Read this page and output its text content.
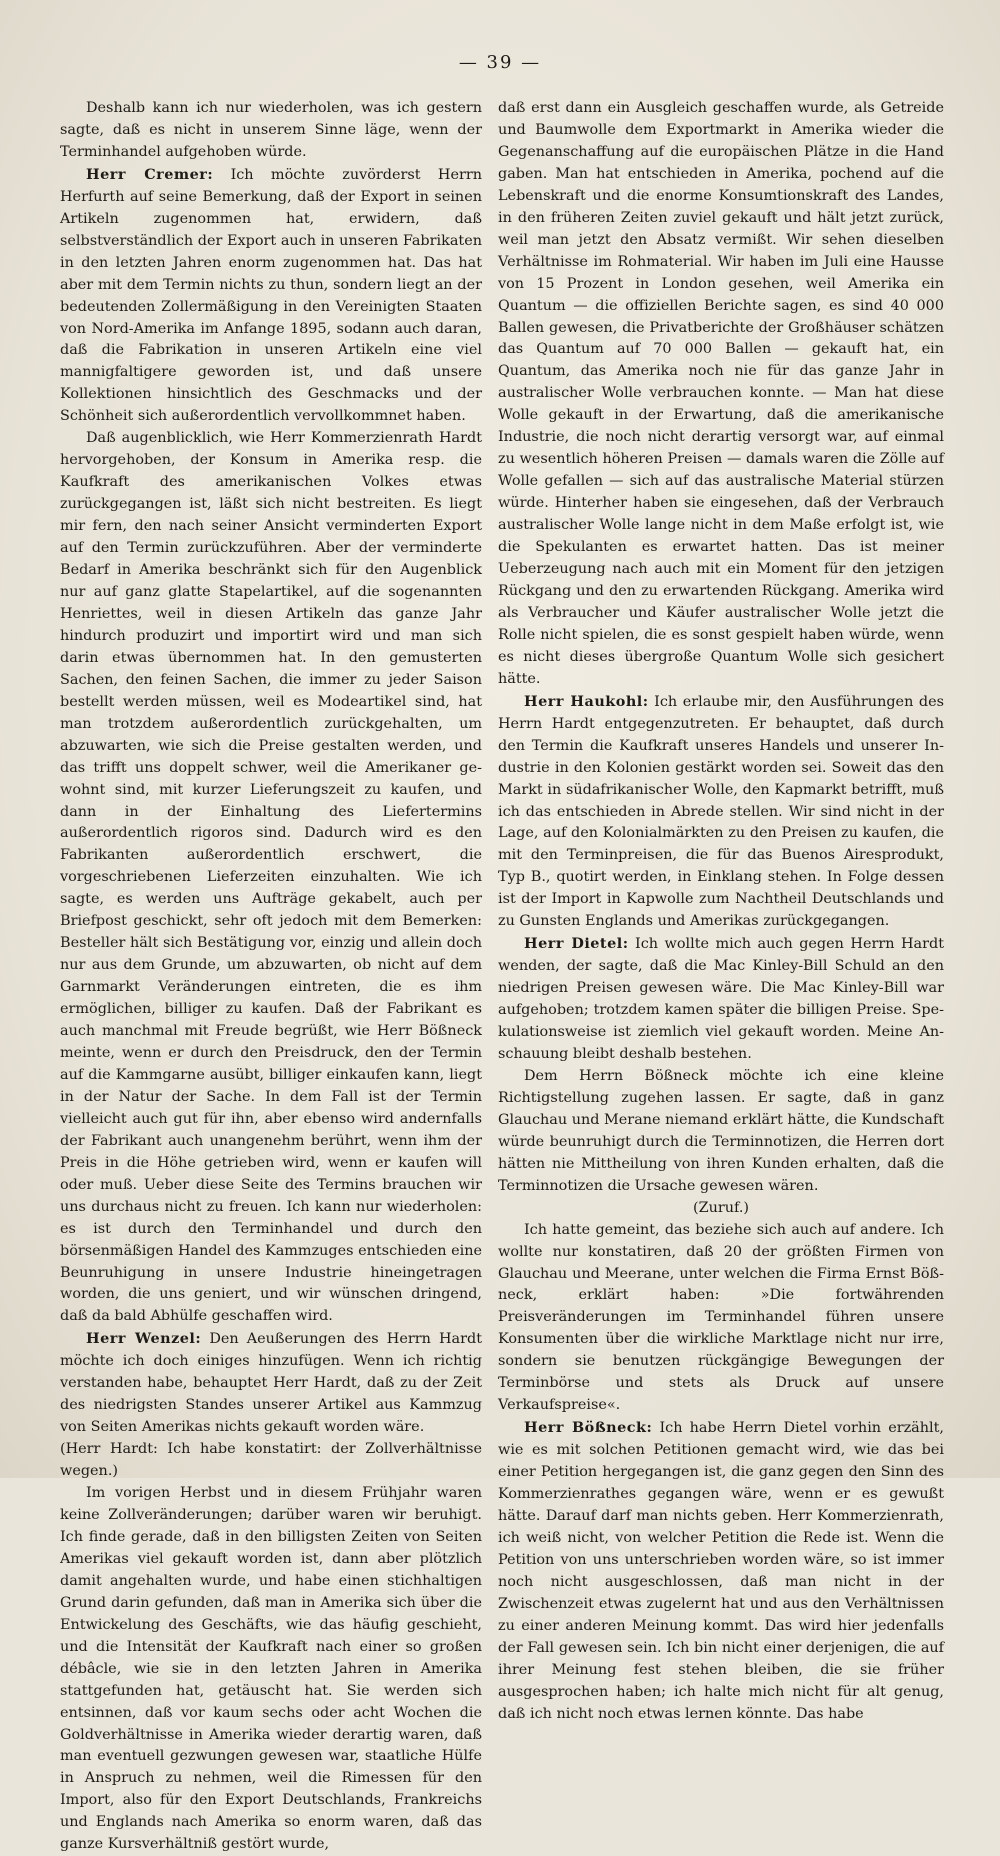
— 39 —

Deshalb kann ich nur wiederholen, was ich gestern sagte, daß es nicht in unserem Sinne läge, wenn der Terminhandel aufgehoben würde.

Herr Cremer: Ich möchte zuvörderst Herrn Herfurth auf seine Bemerkung, daß der Export in seinen Artikeln zugenommen hat, erwidern, daß selbstverständlich der Export auch in unseren Fabrikaten in den letzten Jahren enorm zugenommen hat. Das hat aber mit dem Termin nichts zu thun, sondern liegt an der bedeutenden Zollermäßigung in den Vereinigten Staaten von Nord-Amerika im Anfange 1895, sodann auch daran, daß die Fabrikation in unseren Artikeln eine viel mannigfaltigere geworden ist, und daß unsere Kollektionen hinsichtlich des Geschmacks und der Schönheit sich außerordentlich vervollkommnet haben.

Daß augenblicklich, wie Herr Kommerzienrath Hardt hervorgehoben, der Konsum in Amerika resp. die Kaufkraft des amerikanischen Volkes etwas zurückgegangen ist, läßt sich nicht bestreiten. Es liegt mir fern, den nach seiner Ansicht verminderten Export auf den Termin zurückzuführen. Aber der verminderte Bedarf in Amerika beschränkt sich für den Augenblick nur auf ganz glatte Stapelartikel, auf die sogenannten Henriettes, weil in diesen Artikeln das ganze Jahr hindurch produzirt und importirt wird und man sich darin etwas übernommen hat. In den gemusterten Sachen, den feinen Sachen, die immer zu jeder Saison bestellt werden müssen, weil es Modeartikel sind, hat man trotzdem außerordentlich zurückgehalten, um abzuwarten, wie sich die Preise gestalten werden, und das trifft uns doppelt schwer, weil die Amerikaner gewohnt sind, mit kurzer Lieferungszeit zu kaufen, und dann in der Einhaltung des Liefertermins außerordentlich rigoros sind. Dadurch wird es den Fabrikanten außerordentlich erschwert, die vorgeschriebenen Lieferzeiten einzuhalten. Wie ich sagte, es werden uns Aufträge gekabelt, auch per Briefpost geschickt, sehr oft jedoch mit dem Bemerken: Besteller hält sich Bestätigung vor, einzig und allein doch nur aus dem Grunde, um abzuwarten, ob nicht auf dem Garnmarkt Veränderungen eintreten, die es ihm ermöglichen, billiger zu kaufen. Daß der Fabrikant es auch manchmal mit Freude begrüßt, wie Herr Bößneck meinte, wenn er durch den Preisdruck, den der Termin auf die Kammgarne ausübt, billiger einkaufen kann, liegt in der Natur der Sache. In dem Fall ist der Termin vielleicht auch gut für ihn, aber ebenso wird andernfalls der Fabrikant auch unangenehm berührt, wenn ihm der Preis in die Höhe getrieben wird, wenn er kaufen will oder muß. Ueber diese Seite des Termins brauchen wir uns durchaus nicht zu freuen. Ich kann nur wiederholen: es ist durch den Terminhandel und durch den börsenmäßigen Handel des Kammzuges entschieden eine Beunruhigung in unsere Industrie hineingetragen worden, die uns geniert, und wir wünschen dringend, daß da bald Abhülfe geschaffen wird.

Herr Wenzel: Den Aeußerungen des Herrn Hardt möchte ich doch einiges hinzufügen. Wenn ich richtig verstanden habe, behauptet Herr Hardt, daß zu der Zeit des niedrigsten Standes unserer Artikel aus Kammzug von Seiten Amerikas nichts gekauft worden wäre.

(Herr Hardt: Ich habe konstatirt: der Zollverhältnisse wegen.)

Im vorigen Herbst und in diesem Frühjahr waren keine Zollveränderungen; darüber waren wir beruhigt. Ich finde gerade, daß in den billigsten Zeiten von Seiten Amerikas viel gekauft worden ist, dann aber plötzlich damit angehalten wurde, und habe einen stichhaltigen Grund darin gefunden, daß man in Amerika sich über die Entwickelung des Geschäfts, wie das häufig geschieht, und die Intensität der Kaufkraft nach einer so großen débâcle, wie sie in den letzten Jahren in Amerika stattgefunden hat, getäuscht hat. Sie werden sich entsinnen, daß vor kaum sechs oder acht Wochen die Goldverhältnisse in Amerika wieder derartig waren, daß man eventuell gezwungen gewesen war, staatliche Hülfe in Anspruch zu nehmen, weil die Rimessen für den Import, also für den Export Deutschlands, Frankreichs und Englands nach Amerika so enorm waren, daß das ganze Kursverhältniß gestört wurde,

daß erst dann ein Ausgleich geschaffen wurde, als Getreide und Baumwolle dem Exportmarkt in Amerika wieder die Gegenanschaffung auf die europäischen Plätze in die Hand gaben. Man hat entschieden in Amerika, pochend auf die Lebenskraft und die enorme Konsumtionskraft des Landes, in den früheren Zeiten zuviel gekauft und hält jetzt zurück, weil man jetzt den Absatz vermißt. Wir sehen dieselben Verhältnisse im Rohmaterial. Wir haben im Juli eine Hausse von 15 Prozent in London gesehen, weil Amerika ein Quantum — die offiziellen Berichte sagen, es sind 40 000 Ballen gewesen, die Privatberichte der Großhäuser schätzen das Quantum auf 70 000 Ballen — gekauft hat, ein Quantum, das Amerika noch nie für das ganze Jahr in australischer Wolle verbrauchen konnte. — Man hat diese Wolle gekauft in der Erwartung, daß die amerikanische Industrie, die noch nicht derartig versorgt war, auf einmal zu wesentlich höheren Preisen — damals waren die Zölle auf Wolle gefallen — sich auf das australische Material stürzen würde. Hinterher haben sie eingesehen, daß der Verbrauch australischer Wolle lange nicht in dem Maße erfolgt ist, wie die Spekulanten es erwartet hatten. Das ist meiner Ueberzeugung nach auch mit ein Moment für den jetzigen Rückgang und den zu erwartenden Rückgang. Amerika wird als Verbraucher und Käufer australischer Wolle jetzt die Rolle nicht spielen, die es sonst gespielt haben würde, wenn es nicht dieses übergroße Quantum Wolle sich gesichert hätte.

Herr Haukohl: Ich erlaube mir, den Ausführungen des Herrn Hardt entgegenzutreten. Er behauptet, daß durch den Termin die Kaufkraft unseres Handels und unserer Industrie in den Kolonien gestärkt worden sei. Soweit das den Markt in südafrikanischer Wolle, den Kapmarkt betrifft, muß ich das entschieden in Abrede stellen. Wir sind nicht in der Lage, auf den Kolonialmärkten zu den Preisen zu kaufen, die mit den Terminpreisen, die für das Buenos Airesprodukt, Typ B., quotirt werden, in Einklang stehen. In Folge dessen ist der Import in Kapwolle zum Nachtheil Deutschlands und zu Gunsten Englands und Amerikas zurückgegangen.

Herr Dietel: Ich wollte mich auch gegen Herrn Hardt wenden, der sagte, daß die Mac Kinley-Bill Schuld an den niedrigen Preisen gewesen wäre. Die Mac Kinley-Bill war aufgehoben; trotzdem kamen später die billigen Preise. Spekulationsweise ist ziemlich viel gekauft worden. Meine Anschauung bleibt deshalb bestehen.

Dem Herrn Bößneck möchte ich eine kleine Richtigstellung zugehen lassen. Er sagte, daß in ganz Glauchau und Merane niemand erklärt hätte, die Kundschaft würde beunruhigt durch die Terminnotizen, die Herren dort hätten nie Mittheilung von ihren Kunden erhalten, daß die Terminnotizen die Ursache gewesen wären.

(Zuruf.)

Ich hatte gemeint, das beziehe sich auch auf andere. Ich wollte nur konstatiren, daß 20 der größten Firmen von Glauchau und Meerane, unter welchen die Firma Ernst Bößneck, erklärt haben: »Die fortwährenden Preisveränderungen im Terminhandel führen unsere Konsumenten über die wirkliche Marktlage nicht nur irre, sondern sie benutzen rückgängige Bewegungen der Terminbörse und stets als Druck auf unsere Verkaufspreise«.

Herr Bößneck: Ich habe Herrn Dietel vorhin erzählt, wie es mit solchen Petitionen gemacht wird, wie das bei einer Petition hergegangen ist, die ganz gegen den Sinn des Kommerzienrathes gegangen wäre, wenn er es gewußt hätte. Darauf darf man nichts geben. Herr Kommerzienrath, ich weiß nicht, von welcher Petition die Rede ist. Wenn die Petition von uns unterschrieben worden wäre, so ist immer noch nicht ausgeschlossen, daß man nicht in der Zwischenzeit etwas zugelernt hat und aus den Verhältnissen zu einer anderen Meinung kommt. Das wird hier jedenfalls der Fall gewesen sein. Ich bin nicht einer derjenigen, die auf ihrer Meinung fest stehen bleiben, die sie früher ausgesprochen haben; ich halte mich nicht für alt genug, daß ich nicht noch etwas lernen könnte. Das habe
